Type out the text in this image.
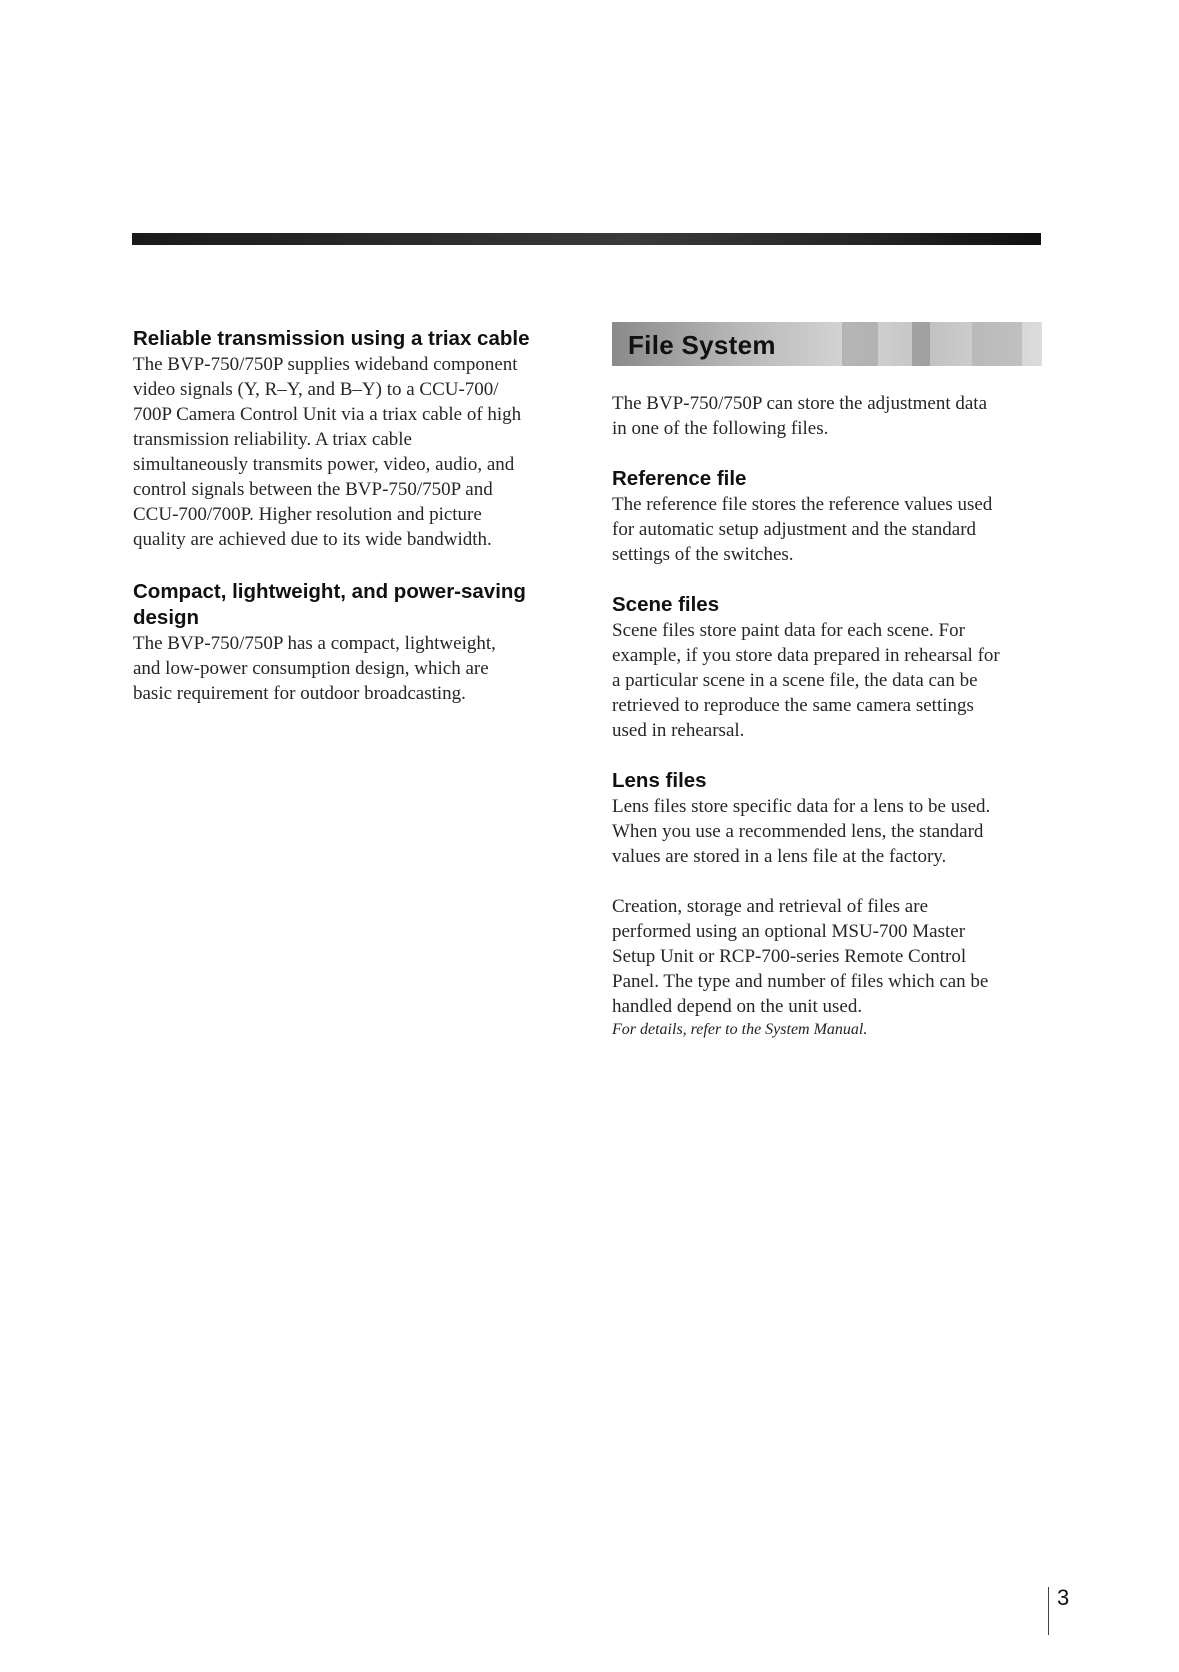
Reliable transmission using a triax cable

The BVP-750/750P supplies wideband component
video signals (Y, R–Y, and B–Y) to a CCU-700/
700P Camera Control Unit via a triax cable of high
transmission reliability. A triax cable
simultaneously transmits power, video, audio, and
control signals between the BVP-750/750P and
CCU-700/700P. Higher resolution and picture
quality are achieved due to its wide bandwidth.

Compact, lightweight, and power-saving
design

The BVP-750/750P has a compact, lightweight,
and low-power consumption design, which are
basic requirement for outdoor broadcasting.

File System

The BVP-750/750P can store the adjustment data
in one of the following files.

Reference file

The reference file stores the reference values used
for automatic setup adjustment and the standard
settings of the switches.

Scene files

Scene files store paint data for each scene. For
example, if you store data prepared in rehearsal for
a particular scene in a scene file, the data can be
retrieved to reproduce the same camera settings
used in rehearsal.

Lens files

Lens files store specific data for a lens to be used.
When you use a recommended lens, the standard
values are stored in a lens file at the factory.

Creation, storage and retrieval of files are
performed using an optional MSU-700 Master
Setup Unit or RCP-700-series Remote Control
Panel. The type and number of files which can be
handled depend on the unit used.

For details, refer to the System Manual.

3
